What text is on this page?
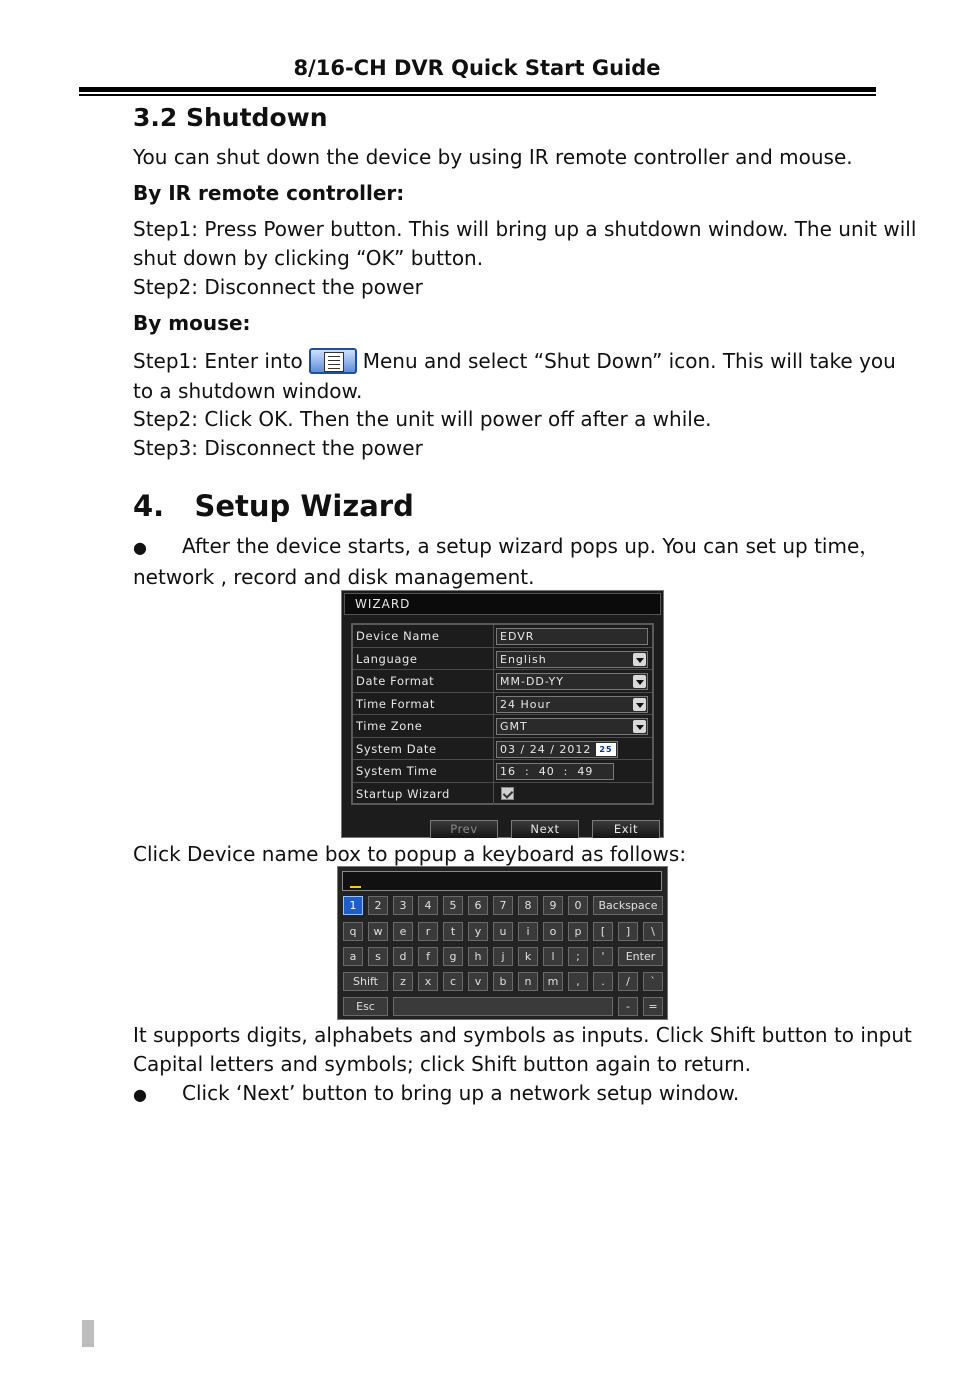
8/16-CH DVR Quick Start Guide
3.2 Shutdown
You can shut down the device by using IR remote controller and mouse.
By IR remote controller:
Step1: Press Power button. This will bring up a shutdown window. The unit will
shut down by clicking “OK” button.
Step2: Disconnect the power
By mouse:
Step1: Enter into	Menu and select “Shut Down” icon. This will take you
to a shutdown window.
Step2: Click OK. Then the unit will power off after a while.
Step3: Disconnect the power
4.   Setup Wizard
● After the device starts, a setup wizard pops up. You can set up time，
network , record and disk management.
WIZARD
Device Name	EDVR
Language	English
Date Format	MM-DD-YY
Time Format	24 Hour
Time Zone	GMT
System Date	03 / 24 / 2012	25
System Time	16  :  40  :  49
Startup Wizard
Prev	Next	Exit
Click Device name box to popup a keyboard as follows:
1	2	3	4	5	6	7	8	9	0	Backspace
q	w	e	r	t	y	u	i	o	p	[	]	\
a	s	d	f	g	h	j	k	l	;	'	Enter
Shift	z	x	c	v	b	n	m	,	.	/	`
Esc	-	=
It supports digits, alphabets and symbols as inputs. Click Shift button to input
Capital letters and symbols; click Shift button again to return.
● Click ‘Next’ button to bring up a network setup window.
